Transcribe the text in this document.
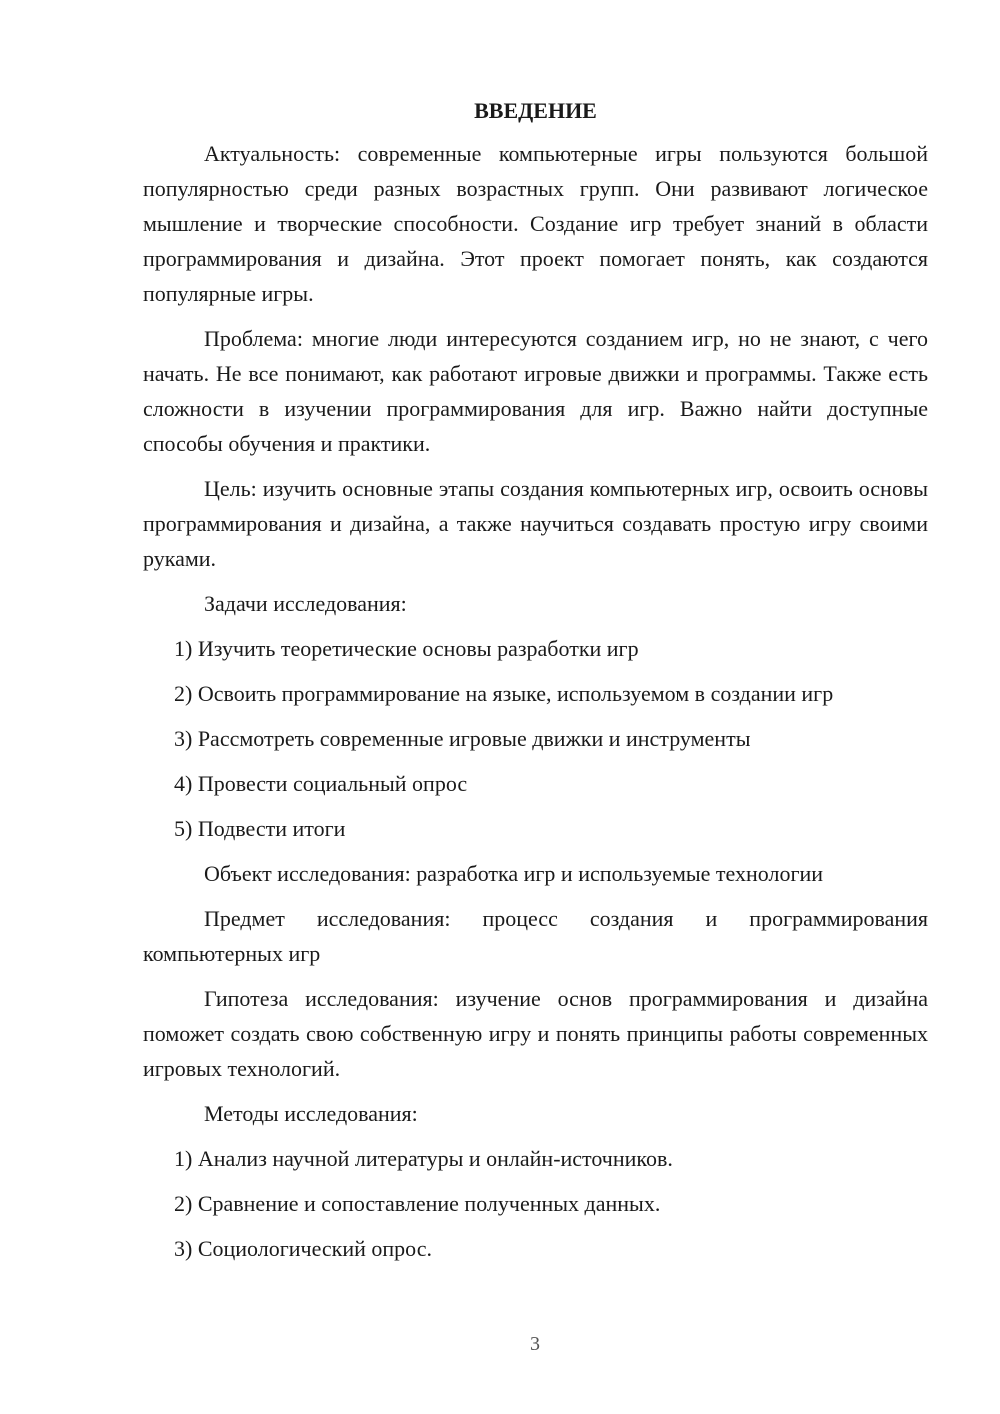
ВВЕДЕНИЕ
Актуальность: современные компьютерные игры пользуются большой популярностью среди разных возрастных групп. Они развивают логическое мышление и творческие способности. Создание игр требует знаний в области программирования и дизайна. Этот проект помогает понять, как создаются популярные игры.
Проблема: многие люди интересуются созданием игр, но не знают, с чего начать. Не все понимают, как работают игровые движки и программы. Также есть сложности в изучении программирования для игр. Важно найти доступные способы обучения и практики.
Цель: изучить основные этапы создания компьютерных игр, освоить основы программирования и дизайна, а также научиться создавать простую игру своими руками.
Задачи исследования:
1) Изучить теоретические основы разработки игр
2) Освоить программирование на языке, используемом в создании игр
3) Рассмотреть современные игровые движки и инструменты
4) Провести социальный опрос
5) Подвести итоги
Объект исследования: разработка игр и используемые технологии
Предмет исследования: процесс создания и программирования компьютерных игр
Гипотеза исследования: изучение основ программирования и дизайна поможет создать свою собственную игру и понять принципы работы современных игровых технологий.
Методы исследования:
1) Анализ научной литературы и онлайн-источников.
2) Сравнение и сопоставление полученных данных.
3) Социологический опрос.
3
